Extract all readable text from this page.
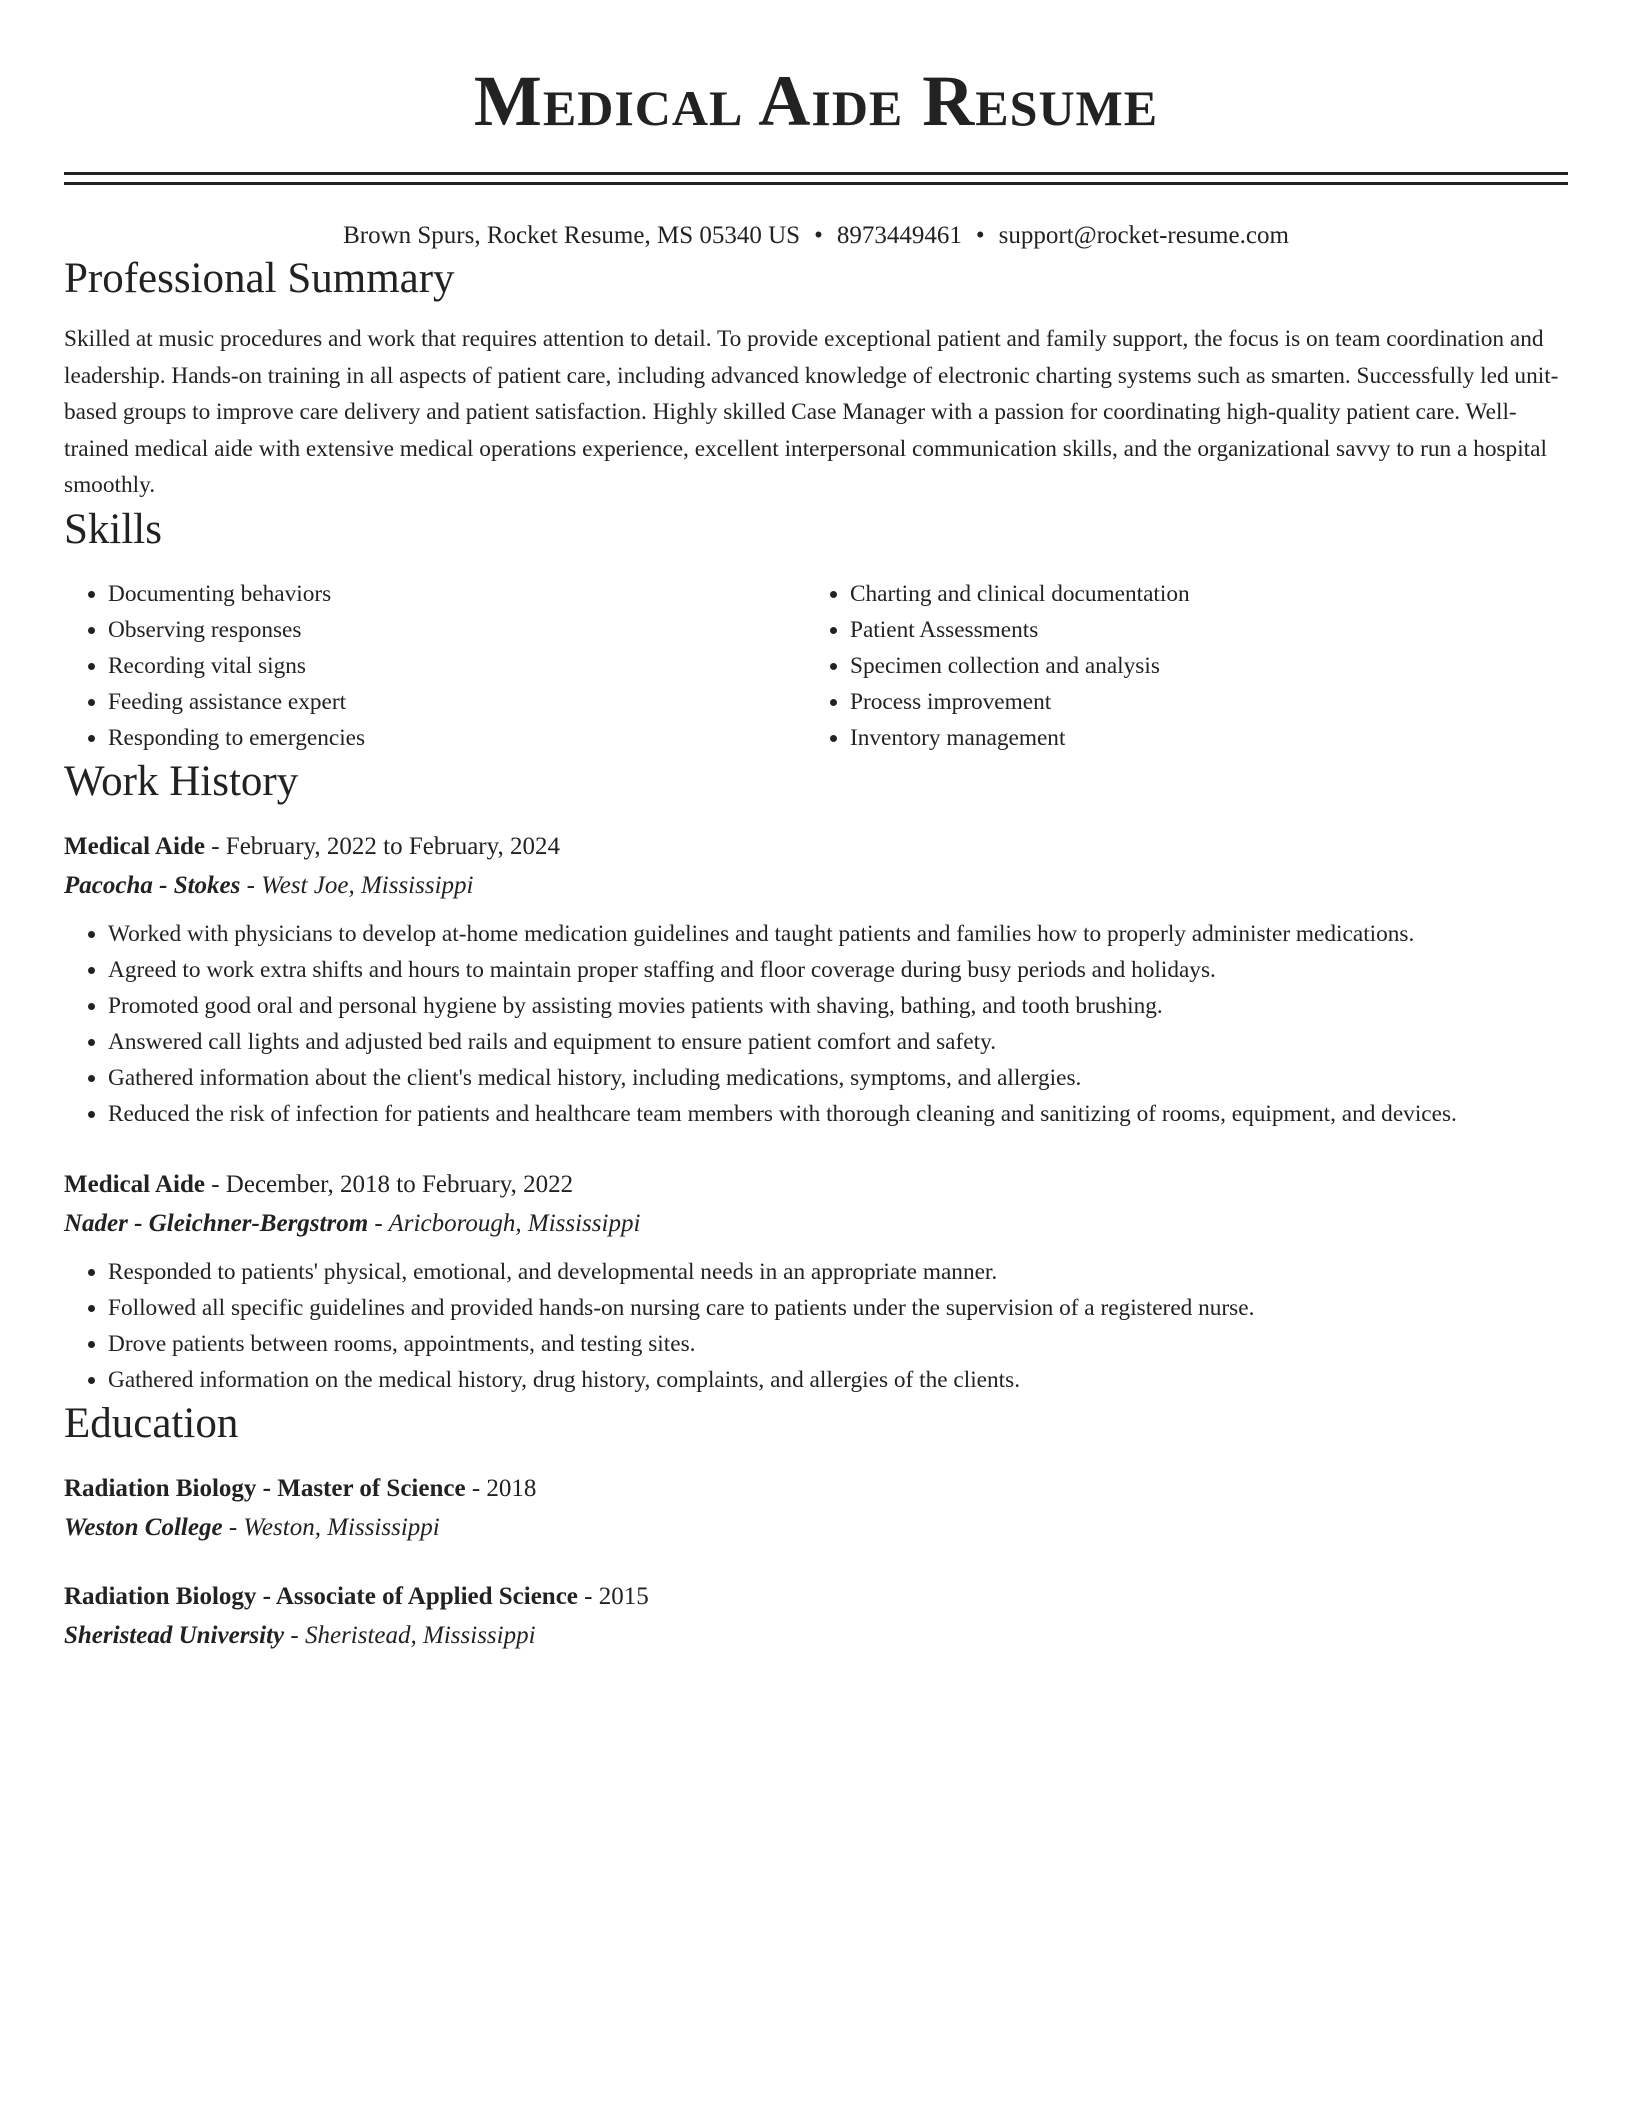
Medical Aide Resume
Brown Spurs, Rocket Resume, MS 05340 US • 8973449461 • support@rocket-resume.com
Professional Summary
Skilled at music procedures and work that requires attention to detail. To provide exceptional patient and family support, the focus is on team coordination and leadership. Hands-on training in all aspects of patient care, including advanced knowledge of electronic charting systems such as smarten. Successfully led unit-based groups to improve care delivery and patient satisfaction. Highly skilled Case Manager with a passion for coordinating high-quality patient care. Well-trained medical aide with extensive medical operations experience, excellent interpersonal communication skills, and the organizational savvy to run a hospital smoothly.
Skills
• Documenting behaviors
• Observing responses
• Recording vital signs
• Feeding assistance expert
• Responding to emergencies
• Charting and clinical documentation
• Patient Assessments
• Specimen collection and analysis
• Process improvement
• Inventory management
Work History
Medical Aide - February, 2022 to February, 2024
Pacocha - Stokes - West Joe, Mississippi
• Worked with physicians to develop at-home medication guidelines and taught patients and families how to properly administer medications.
• Agreed to work extra shifts and hours to maintain proper staffing and floor coverage during busy periods and holidays.
• Promoted good oral and personal hygiene by assisting movies patients with shaving, bathing, and tooth brushing.
• Answered call lights and adjusted bed rails and equipment to ensure patient comfort and safety.
• Gathered information about the client's medical history, including medications, symptoms, and allergies.
• Reduced the risk of infection for patients and healthcare team members with thorough cleaning and sanitizing of rooms, equipment, and devices.
Medical Aide - December, 2018 to February, 2022
Nader - Gleichner-Bergstrom - Aricborough, Mississippi
• Responded to patients' physical, emotional, and developmental needs in an appropriate manner.
• Followed all specific guidelines and provided hands-on nursing care to patients under the supervision of a registered nurse.
• Drove patients between rooms, appointments, and testing sites.
• Gathered information on the medical history, drug history, complaints, and allergies of the clients.
Education
Radiation Biology - Master of Science - 2018
Weston College - Weston, Mississippi
Radiation Biology - Associate of Applied Science - 2015
Sheristead University - Sheristead, Mississippi
